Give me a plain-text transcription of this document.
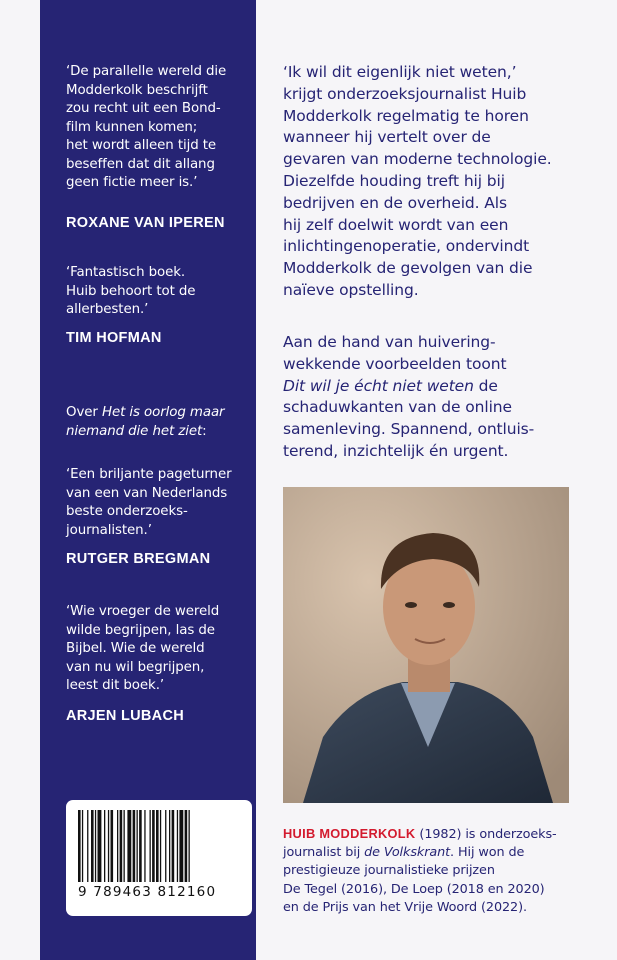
‘De parallelle wereld die
Modderkolk beschrijft
zou recht uit een Bond-
film kunnen komen;
het wordt alleen tijd te
beseffen dat dit allang
geen fictie meer is.’
ROXANE VAN IPEREN
‘Fantastisch boek.
Huib behoort tot de
allerbesten.’
TIM HOFMAN
Over Het is oorlog maar
niemand die het ziet:
‘Een briljante pageturner
van een van Nederlands
beste onderzoeks-
journalisten.’
RUTGER BREGMAN
‘Wie vroeger de wereld
wilde begrijpen, las de
Bijbel. Wie de wereld
van nu wil begrijpen,
leest dit boek.’
ARJEN LUBACH
9 789463 812160
‘Ik wil dit eigenlijk niet weten,’
krijgt onderzoeksjournalist Huib
Modderkolk regelmatig te horen
wanneer hij vertelt over de
gevaren van moderne technologie.
Diezelfde houding treft hij bij
bedrijven en de overheid. Als
hij zelf doelwit wordt van een
inlichtingenoperatie, ondervindt
Modderkolk de gevolgen van die
naïeve opstelling.
Aan de hand van huivering-
wekkende voorbeelden toont
Dit wil je écht niet weten de
schaduwkanten van de online
samenleving. Spannend, ontluis-
terend, inzichtelijk én urgent.
HUIB MODDERKOLK (1982) is onderzoeks-
journalist bij de Volkskrant. Hij won de
prestigieuze journalistieke prijzen
De Tegel (2016), De Loep (2018 en 2020)
en de Prijs van het Vrije Woord (2022).
